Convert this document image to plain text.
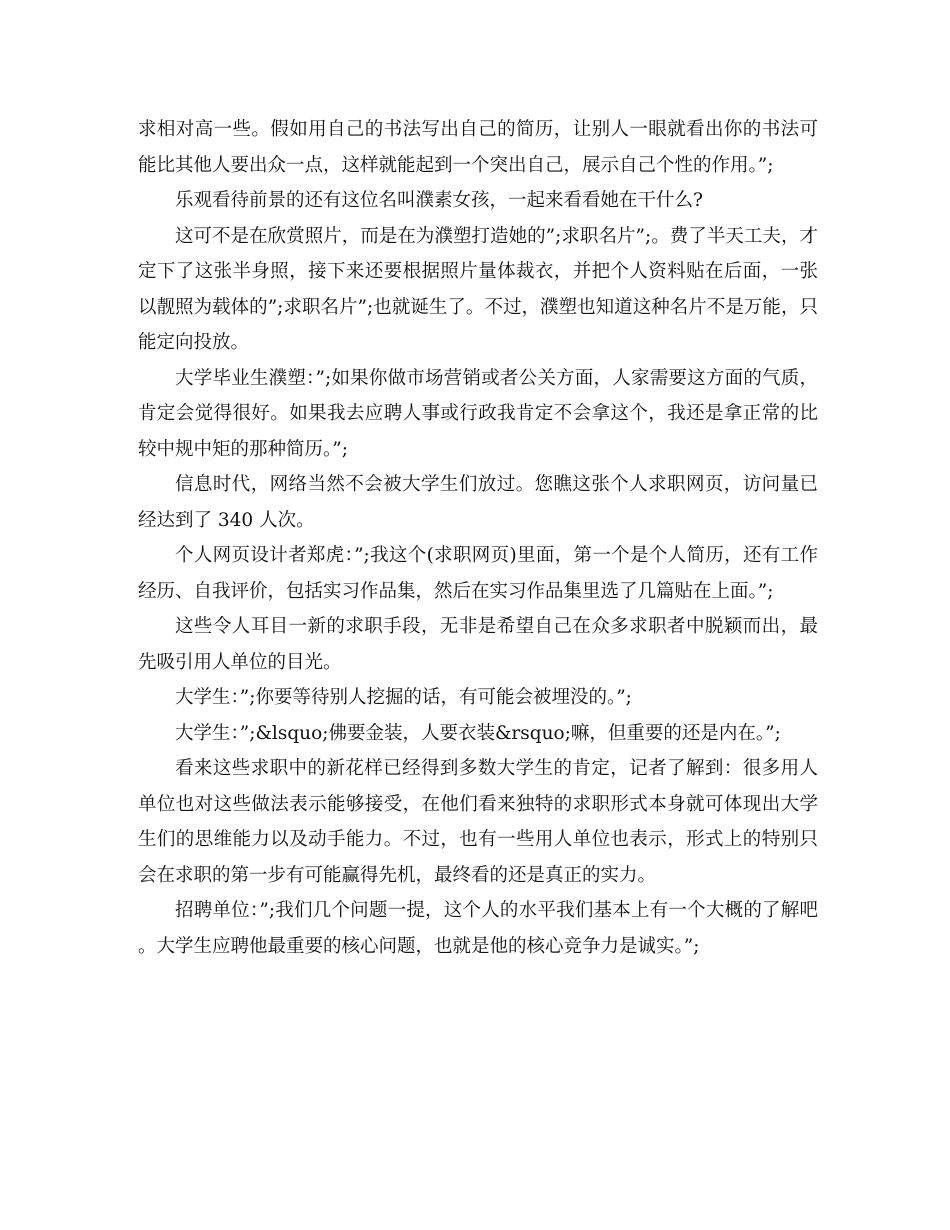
求相对高一些。假如用自己的书法写出自己的简历，让别人一眼就看出你的书法可能比其他人要出众一点，这样就能起到一个突出自己，展示自己个性的作用。”;

乐观看待前景的还有这位名叫濮素女孩，一起来看看她在干什么?

这可不是在欣赏照片，而是在为濮塑打造她的”;求职名片”;。费了半天工夫，才定下了这张半身照，接下来还要根据照片量体裁衣，并把个人资料贴在后面，一张以靓照为载体的”;求职名片”;也就诞生了。不过，濮塑也知道这种名片不是万能，只能定向投放。

大学毕业生濮塑：”;如果你做市场营销或者公关方面，人家需要这方面的气质，肯定会觉得很好。如果我去应聘人事或行政我肯定不会拿这个，我还是拿正常的比较中规中矩的那种简历。”;

信息时代，网络当然不会被大学生们放过。您瞧这张个人求职网页，访问量已经达到了 340 人次。

个人网页设计者郑虎：”;我这个(求职网页)里面，第一个是个人简历，还有工作经历、自我评价，包括实习作品集，然后在实习作品集里选了几篇贴在上面。”;

这些令人耳目一新的求职手段，无非是希望自己在众多求职者中脱颖而出，最先吸引用人单位的目光。

大学生：”;你要等待别人挖掘的话，有可能会被埋没的。”;

大学生：”;&lsquo;佛要金装，人要衣装&rsquo;嘛，但重要的还是内在。”;

看来这些求职中的新花样已经得到多数大学生的肯定，记者了解到：很多用人单位也对这些做法表示能够接受，在他们看来独特的求职形式本身就可体现出大学生们的思维能力以及动手能力。不过，也有一些用人单位也表示，形式上的特别只会在求职的第一步有可能赢得先机，最终看的还是真正的实力。

招聘单位：”;我们几个问题一提，这个人的水平我们基本上有一个大概的了解吧。大学生应聘他最重要的核心问题，也就是他的核心竞争力是诚实。”;
